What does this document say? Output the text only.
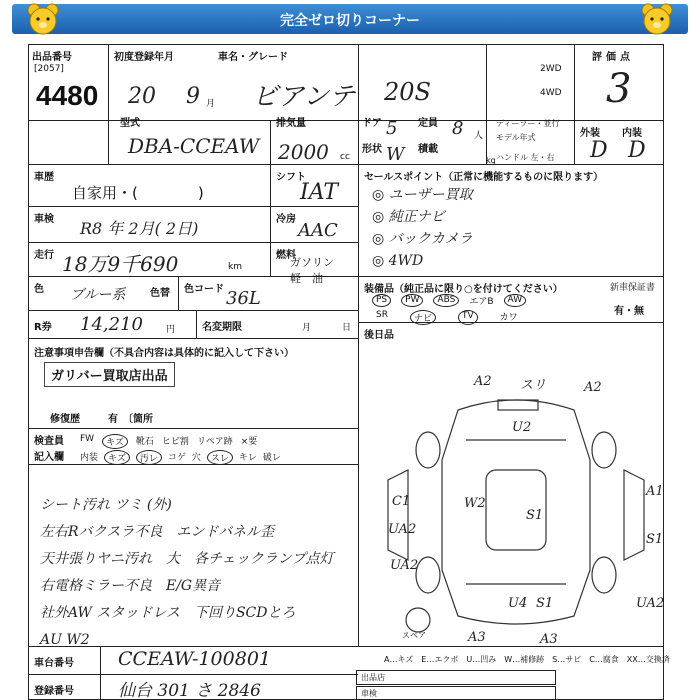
完全ゼロ切りコーナー
出品番号
[2057]
4480
初度登録年月
20 9 月
車名・グレード
ビアンテ 20S
2WD
4WD
評価点
3
型式
DBA-CCEAW
排気量
2000 cc
ドア 5 定員 8 人
形状 W 積載
kg
ディーラー・並行
モデル年式
ハンドル 左・右
外装 内装
D D
車歴
自家用・(　　　　)
シフト
IAT
車検 R8 年 2月( 2日)	冷房
AAC
走行 18万9千690	km
燃料
ガソリン
軽　油
色 ブルー系 色替 色コード 36L
R券 14,210	円	名変期限	月	日
注意事項申告欄（不具合内容は具体的に記入して下さい）
ガリバー買取店出品
修復歴	有　〔箇所
検査員 FW	キズ	靴石 ヒビ割 リペア跡 ×要
記入欄 内装	キズ	汚レ	コゲ 穴	スレ	キレ 破レ
シート汚れ ツミ (外)
左右Rバクスラ不良　エンドバネル歪
天井張りヤニ汚れ　大　各チェックランプ点灯
右電格ミラー不良　E/G異音
社外AW スタッドレス　下回りSCDとろ
AU W2
セールスポイント（正常に機能するものに限ります）
◎ ユーザー買取
◎ 純正ナビ
◎ バックカメラ
◎ 4WD
装備品（純正品に限り○を付けてください）	新車保証書
有・無
PS	PW	ABS	エアB	AW
SR	ナビ	TV	カワ
後日品
A2 スリ	A2
U2
W2
S1
C1
UA2
UA2
A1
S1
U4 S1	UA2
A3	A3
スペア
A…キズ　E…エクボ　U…凹み　W…補修跡　S…サビ　C…腐食　XX…交換済
車台番号 CCEAW-100801
登録番号	仙台 301 さ 2846
出品店
車検
